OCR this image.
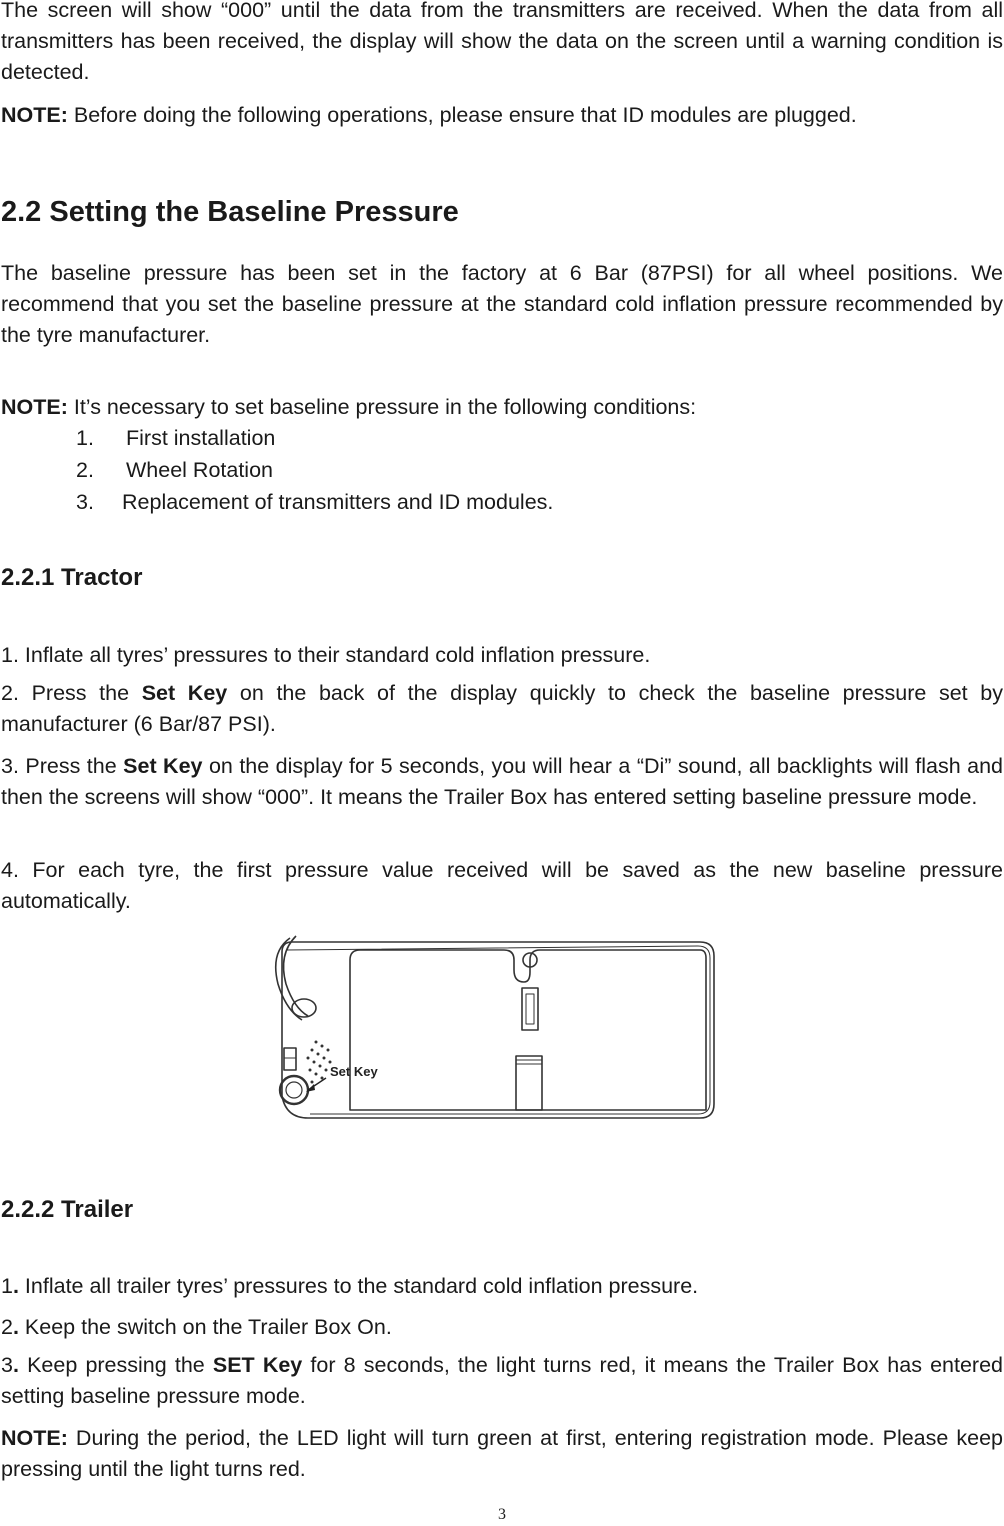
The screen will show “000” until the data from the transmitters are received. When the data from all transmitters has been received, the display will show the data on the screen until a warning condition is detected.

NOTE: Before doing the following operations, please ensure that ID modules are plugged.

2.2 Setting the Baseline Pressure

The baseline pressure has been set in the factory at 6 Bar (87PSI) for all wheel positions. We recommend that you set the baseline pressure at the standard cold inflation pressure recommended by the tyre manufacturer.

NOTE: It’s necessary to set baseline pressure in the following conditions:

1. First installation

2. Wheel Rotation

3. Replacement of transmitters and ID modules.

2.2.1 Tractor

1. Inflate all tyres’ pressures to their standard cold inflation pressure.

2. Press the Set Key on the back of the display quickly to check the baseline pressure set by manufacturer (6 Bar/87 PSI).

3. Press the Set Key on the display for 5 seconds, you will hear a “Di” sound, all backlights will flash and then the screens will show “000”. It means the Trailer Box has entered setting baseline pressure mode.

4. For each tyre, the first pressure value received will be saved as the new baseline pressure automatically.

Set Key
2.2.2 Trailer

1. Inflate all trailer tyres’ pressures to the standard cold inflation pressure.

2. Keep the switch on the Trailer Box On.

3. Keep pressing the SET Key for 8 seconds, the light turns red, it means the Trailer Box has entered setting baseline pressure mode.

NOTE: During the period, the LED light will turn green at first, entering registration mode. Please keep pressing until the light turns red.

3
